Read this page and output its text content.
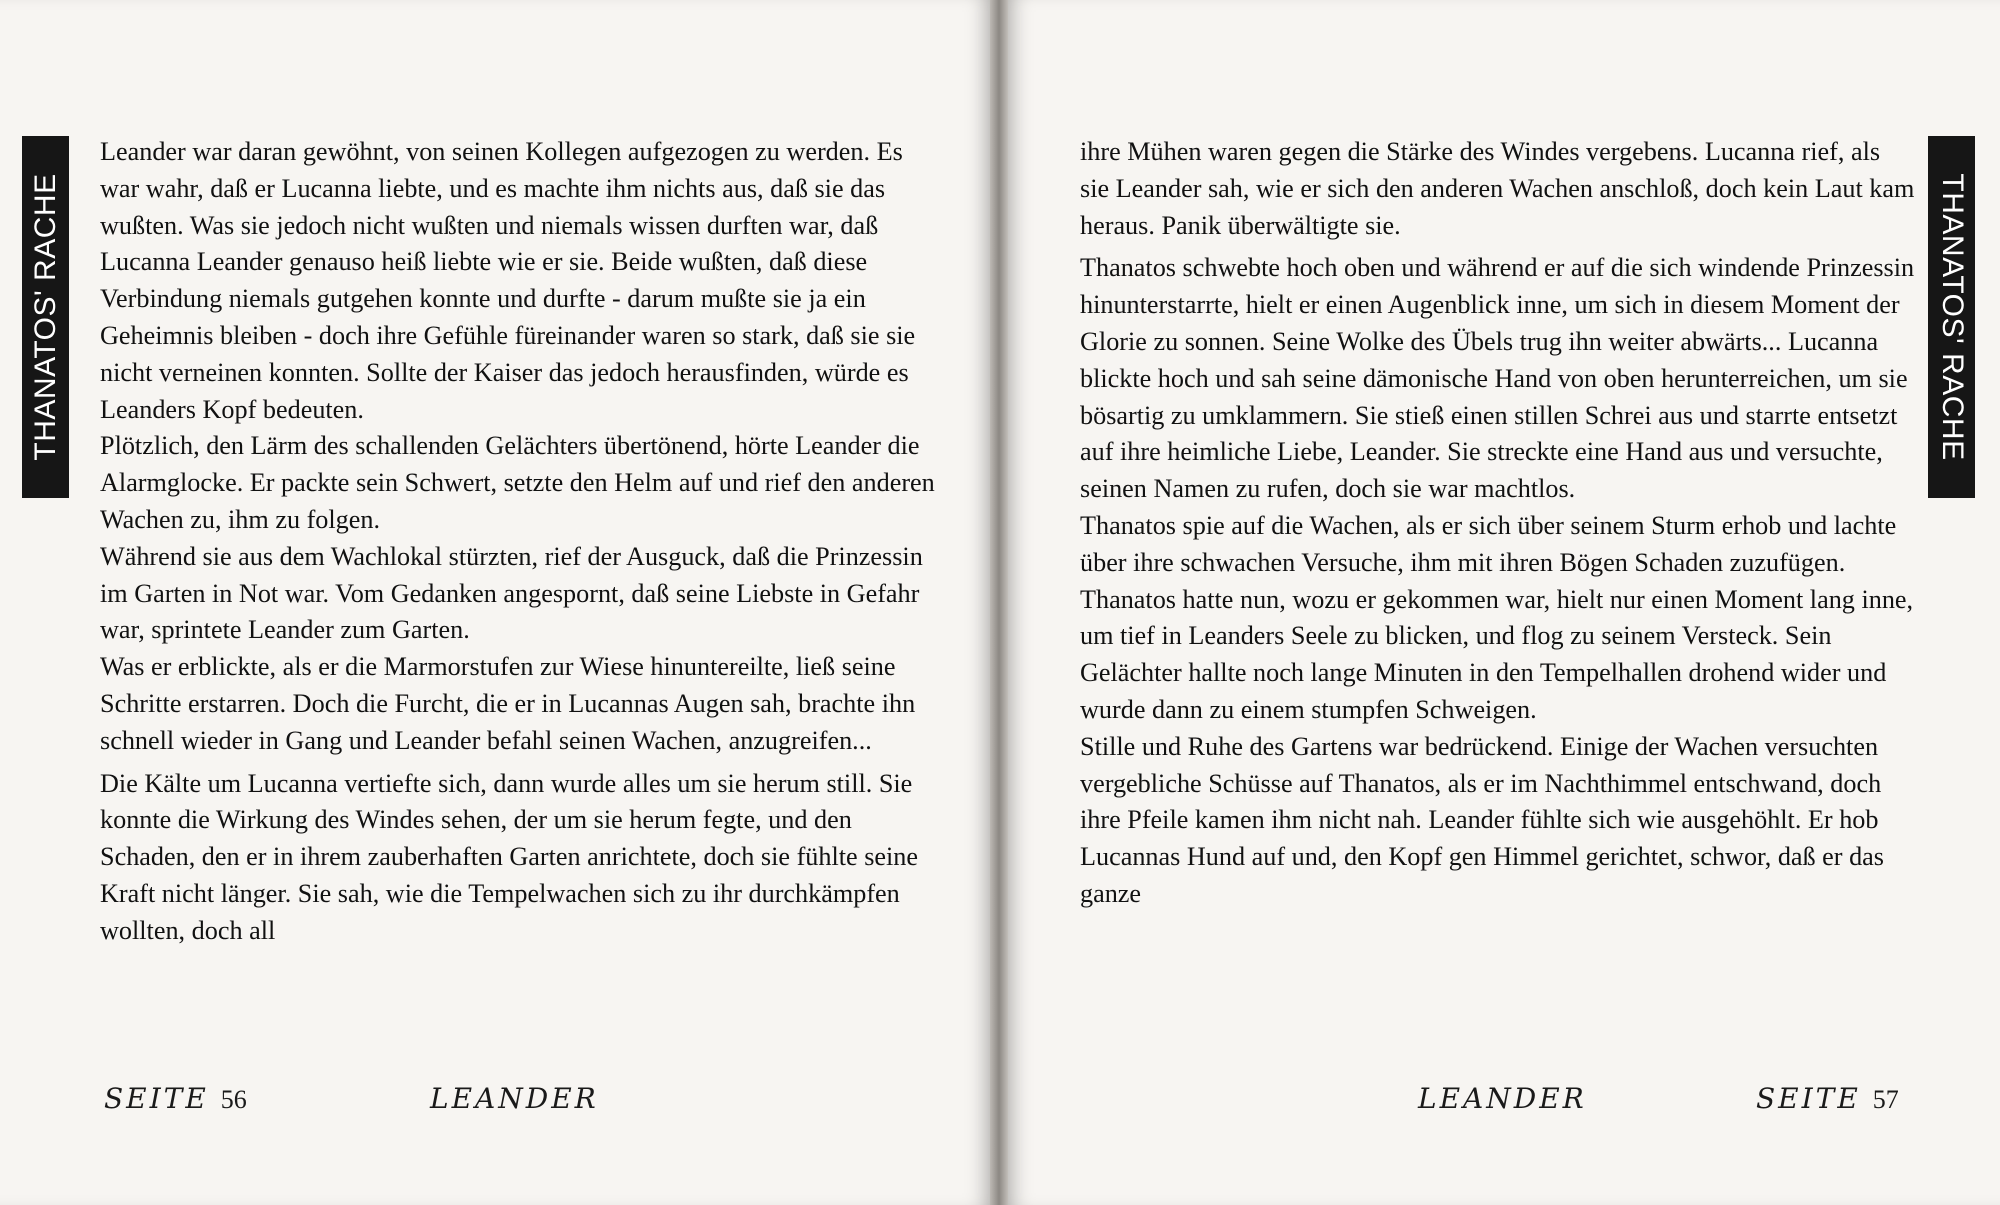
THANATOS' RACHE	THANATOS' RACHE

Leander war daran gewöhnt, von seinen Kollegen aufgezogen zu werden. Es war wahr, daß er Lucanna liebte, und es machte ihm nichts aus, daß sie das wußten. Was sie jedoch nicht wußten und niemals wissen durften war, daß Lucanna Leander genauso heiß liebte wie er sie. Beide wußten, daß diese Verbindung niemals gutgehen konnte und durfte - darum mußte sie ja ein Geheimnis bleiben - doch ihre Gefühle füreinander waren so stark, daß sie sie nicht verneinen konnten. Sollte der Kaiser das jedoch herausfinden, würde es Leanders Kopf bedeuten.

Plötzlich, den Lärm des schallenden Gelächters übertönend, hörte Leander die Alarmglocke. Er packte sein Schwert, setzte den Helm auf und rief den anderen Wachen zu, ihm zu folgen.

Während sie aus dem Wachlokal stürzten, rief der Ausguck, daß die Prinzessin im Garten in Not war. Vom Gedanken angespornt, daß seine Liebste in Gefahr war, sprintete Leander zum Garten.

Was er erblickte, als er die Marmorstufen zur Wiese hinuntereilte, ließ seine Schritte erstarren. Doch die Furcht, die er in Lucannas Augen sah, brachte ihn schnell wieder in Gang und Leander befahl seinen Wachen, anzugreifen...

Die Kälte um Lucanna vertiefte sich, dann wurde alles um sie herum still. Sie konnte die Wirkung des Windes sehen, der um sie herum fegte, und den Schaden, den er in ihrem zauberhaften Garten anrichtete, doch sie fühlte seine Kraft nicht länger. Sie sah, wie die Tempelwachen sich zu ihr durchkämpfen wollten, doch all

ihre Mühen waren gegen die Stärke des Windes vergebens. Lucanna rief, als sie Leander sah, wie er sich den anderen Wachen anschloß, doch kein Laut kam heraus. Panik überwältigte sie.

Thanatos schwebte hoch oben und während er auf die sich windende Prinzessin hinunterstarrte, hielt er einen Augenblick inne, um sich in diesem Moment der Glorie zu sonnen. Seine Wolke des Übels trug ihn weiter abwärts... Lucanna blickte hoch und sah seine dämonische Hand von oben herunterreichen, um sie bösartig zu umklammern. Sie stieß einen stillen Schrei aus und starrte entsetzt auf ihre heimliche Liebe, Leander. Sie streckte eine Hand aus und versuchte, seinen Namen zu rufen, doch sie war machtlos.

Thanatos spie auf die Wachen, als er sich über seinem Sturm erhob und lachte über ihre schwachen Versuche, ihm mit ihren Bögen Schaden zuzufügen. Thanatos hatte nun, wozu er gekommen war, hielt nur einen Moment lang inne, um tief in Leanders Seele zu blicken, und flog zu seinem Versteck. Sein Gelächter hallte noch lange Minuten in den Tempelhallen drohend wider und wurde dann zu einem stumpfen Schweigen.

Stille und Ruhe des Gartens war bedrückend. Einige der Wachen versuchten vergebliche Schüsse auf Thanatos, als er im Nachthimmel entschwand, doch ihre Pfeile kamen ihm nicht nah. Leander fühlte sich wie ausgehöhlt. Er hob Lucannas Hund auf und, den Kopf gen Himmel gerichtet, schwor, daß er das ganze

SEITE 56	LEANDER	LEANDER	SEITE 57
